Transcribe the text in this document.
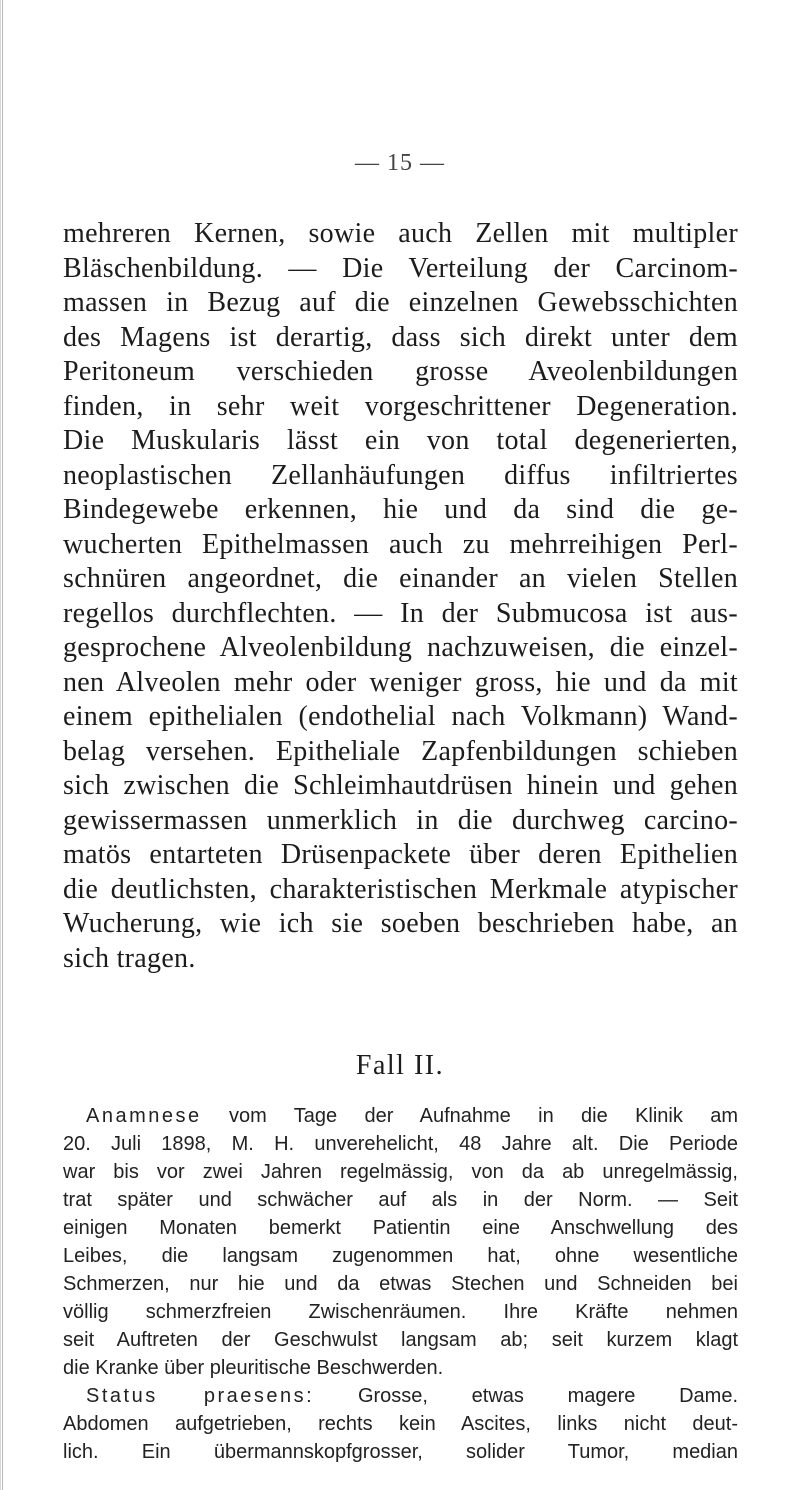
— 15 —

mehreren Kernen, sowie auch Zellen mit multipler

Bläschenbildung. — Die Verteilung der Carcinom-

massen in Bezug auf die einzelnen Gewebsschichten

des Magens ist derartig, dass sich direkt unter dem

Peritoneum verschieden grosse Aveolenbildungen

finden, in sehr weit vorgeschrittener Degeneration.

Die Muskularis lässt ein von total degenerierten,

neoplastischen Zellanhäufungen diffus infiltriertes

Bindegewebe erkennen, hie und da sind die ge-

wucherten Epithelmassen auch zu mehrreihigen Perl-

schnüren angeordnet, die einander an vielen Stellen

regellos durchflechten. — In der Submucosa ist aus-

gesprochene Alveolenbildung nachzuweisen, die einzel-

nen Alveolen mehr oder weniger gross, hie und da mit

einem epithelialen (endothelial nach Volkmann) Wand-

belag versehen. Epitheliale Zapfenbildungen schieben

sich zwischen die Schleimhautdrüsen hinein und gehen

gewissermassen unmerklich in die durchweg carcino-

matös entarteten Drüsenpackete über deren Epithelien

die deutlichsten, charakteristischen Merkmale atypischer

Wucherung, wie ich sie soeben beschrieben habe, an

sich tragen.

Fall II.

Anamnese vom Tage der Aufnahme in die Klinik am

20. Juli 1898, M. H. unverehelicht, 48 Jahre alt. Die Periode

war bis vor zwei Jahren regelmässig, von da ab unregelmässig,

trat später und schwächer auf als in der Norm. — Seit

einigen Monaten bemerkt Patientin eine Anschwellung des

Leibes, die langsam zugenommen hat, ohne wesentliche

Schmerzen, nur hie und da etwas Stechen und Schneiden bei

völlig schmerzfreien Zwischenräumen. Ihre Kräfte nehmen

seit Auftreten der Geschwulst langsam ab; seit kurzem klagt

die Kranke über pleuritische Beschwerden.

Status praesens: Grosse, etwas magere Dame.

Abdomen aufgetrieben, rechts kein Ascites, links nicht deut-

lich. Ein übermannskopfgrosser, solider Tumor, median
